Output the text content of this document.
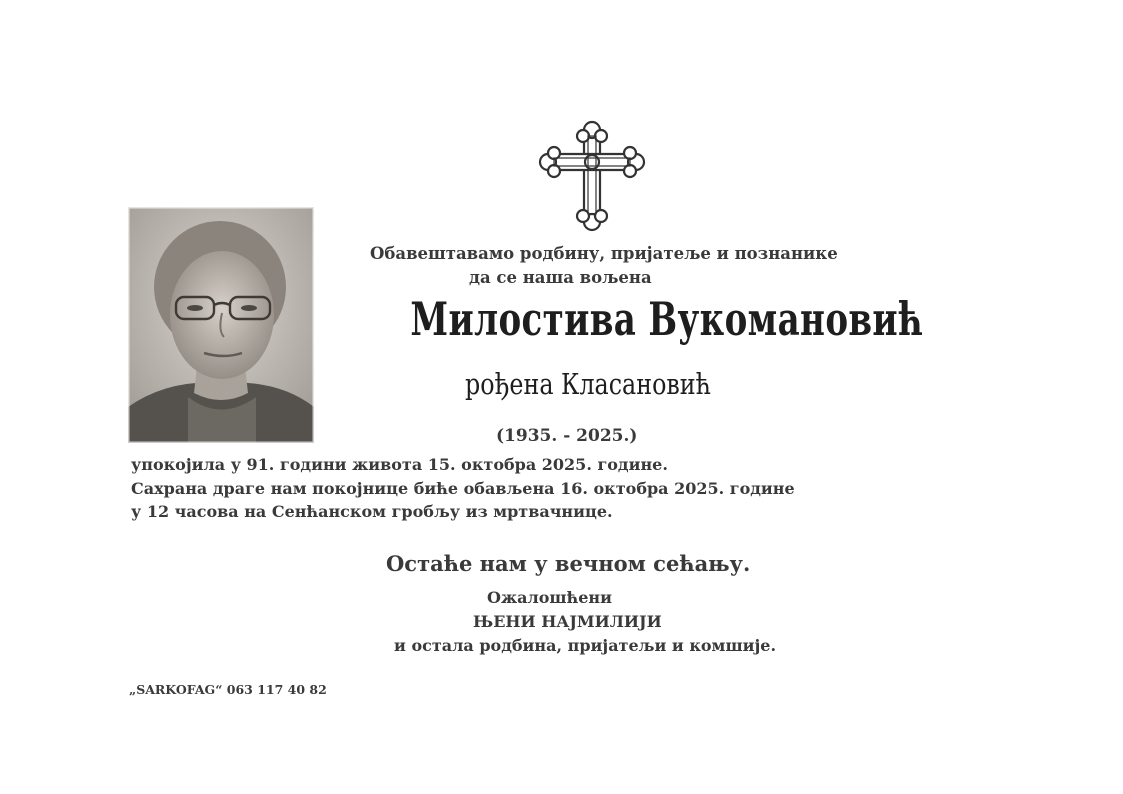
Обавештавамо родбину, пријатеље и познанике
да се наша вољена
Милостива Вукомановић
рођена Класановић
(1935. - 2025.)
упокојила у 91. години живота 15. октобра 2025. године.
Сахрана драге нам покојнице биће обављена 16. октобра 2025. године
у 12 часова на Сенћанском гробљу из мртвачнице.
Остаће нам у вечном сећању.
Ожалошћени
ЊЕНИ НАЈМИЛИЈИ
и остала родбина, пријатељи и комшије.
„SARKOFAG“ 063 117 40 82
